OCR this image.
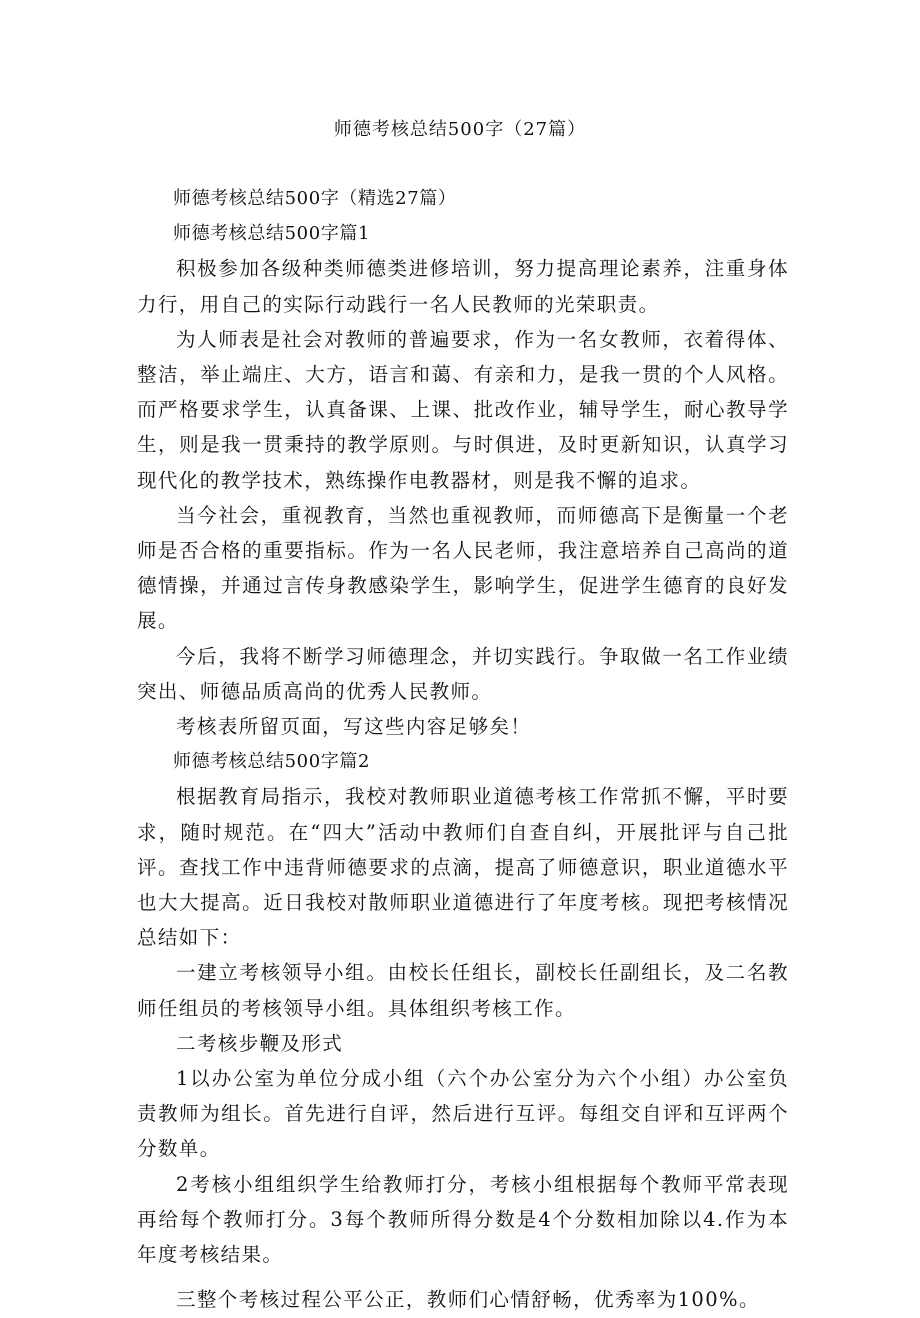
师德考核总结500字（27篇）

师德考核总结500字（精选27篇）

师德考核总结500字篇1

积极参加各级种类师德类进修培训，努力提高理论素养，注重身体力行，用自己的实际行动践行一名人民教师的光荣职责。

为人师表是社会对教师的普遍要求，作为一名女教师，衣着得体、整洁，举止端庄、大方，语言和蔼、有亲和力，是我一贯的个人风格。而严格要求学生，认真备课、上课、批改作业，辅导学生，耐心教导学生，则是我一贯秉持的教学原则。与时俱进，及时更新知识，认真学习现代化的教学技术，熟练操作电教器材，则是我不懈的追求。

当今社会，重视教育，当然也重视教师，而师德高下是衡量一个老师是否合格的重要指标。作为一名人民老师，我注意培养自己高尚的道德情操，并通过言传身教感染学生，影响学生，促进学生德育的良好发展。

今后，我将不断学习师德理念，并切实践行。争取做一名工作业绩突出、师德品质高尚的优秀人民教师。

考核表所留页面，写这些内容足够矣！

师德考核总结500字篇2

根据教育局指示，我校对教师职业道德考核工作常抓不懈，平时要求，随时规范。在“四大”活动中教师们自查自纠，开展批评与自己批评。查找工作中违背师德要求的点滴，提高了师德意识，职业道德水平也大大提高。近日我校对散师职业道德进行了年度考核。现把考核情况总结如下：

一建立考核领导小组。由校长任组长，副校长任副组长，及二名教师任组员的考核领导小组。具体组织考核工作。

二考核步鞭及形式

1以办公室为单位分成小组（六个办公室分为六个小组）办公室负责教师为组长。首先进行自评，然后进行互评。每组交自评和互评两个分数单。

2考核小组组织学生给教师打分，考核小组根据每个教师平常表现再给每个教师打分。3每个教师所得分数是4个分数相加除以4.作为本年度考核结果。

三整个考核过程公平公正，教师们心情舒畅，优秀率为100%。
